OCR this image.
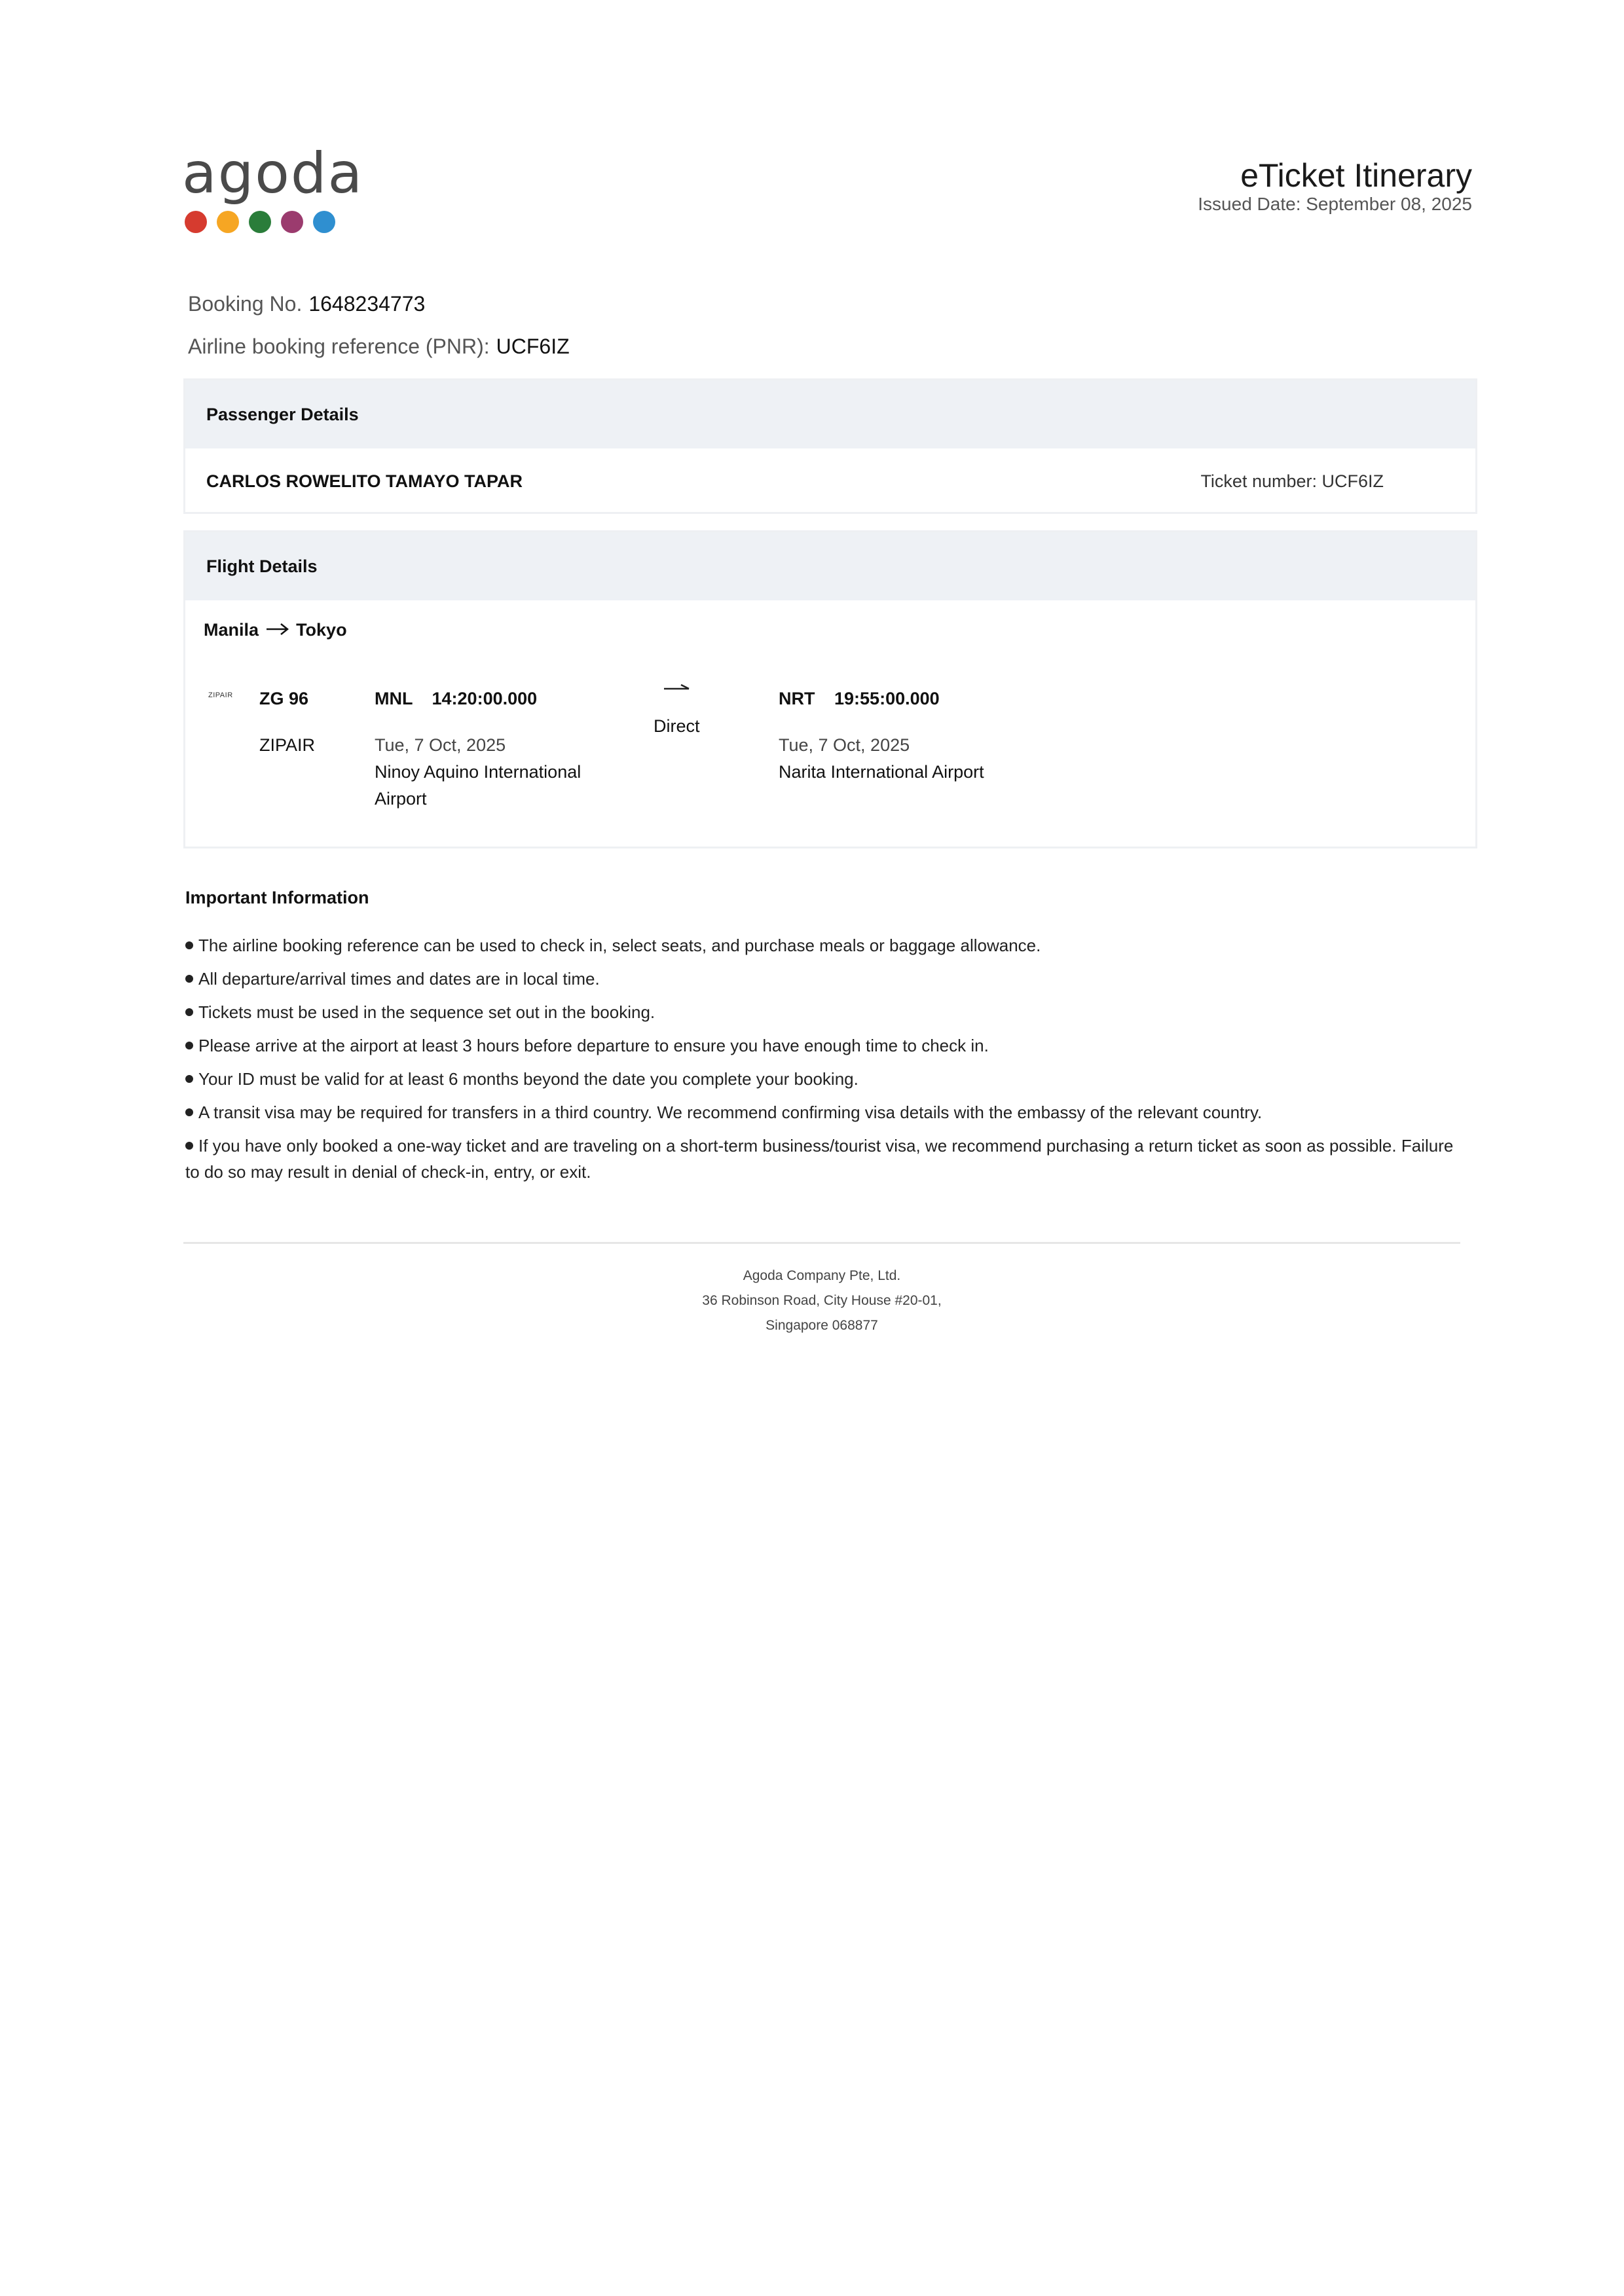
agoda	eTicket Itinerary
Issued Date: September 08, 2025
Booking No. 1648234773
Airline booking reference (PNR): UCF6IZ
Passenger Details
CARLOS ROWELITO TAMAYO TAPAR	Ticket number: UCF6IZ
Flight Details
Manila Tokyo
ZIPAIR ZG 96
ZIPAIR
MNL 14:20:00.000
Tue, 7 Oct, 2025
Ninoy Aquino International
Airport
Direct
NRT 19:55:00.000
Tue, 7 Oct, 2025
Narita International Airport
Important Information
The airline booking reference can be used to check in, select seats, and purchase meals or baggage allowance.
All departure/arrival times and dates are in local time.
Tickets must be used in the sequence set out in the booking.
Please arrive at the airport at least 3 hours before departure to ensure you have enough time to check in.
Your ID must be valid for at least 6 months beyond the date you complete your booking.
A transit visa may be required for transfers in a third country. We recommend confirming visa details with the embassy of the relevant country.
If you have only booked a one-way ticket and are traveling on a short-term business/tourist visa, we recommend purchasing a return ticket as soon as possible. Failure to do so may result in denial of check-in, entry, or exit.
Agoda Company Pte, Ltd.
36 Robinson Road, City House #20-01,
Singapore 068877
